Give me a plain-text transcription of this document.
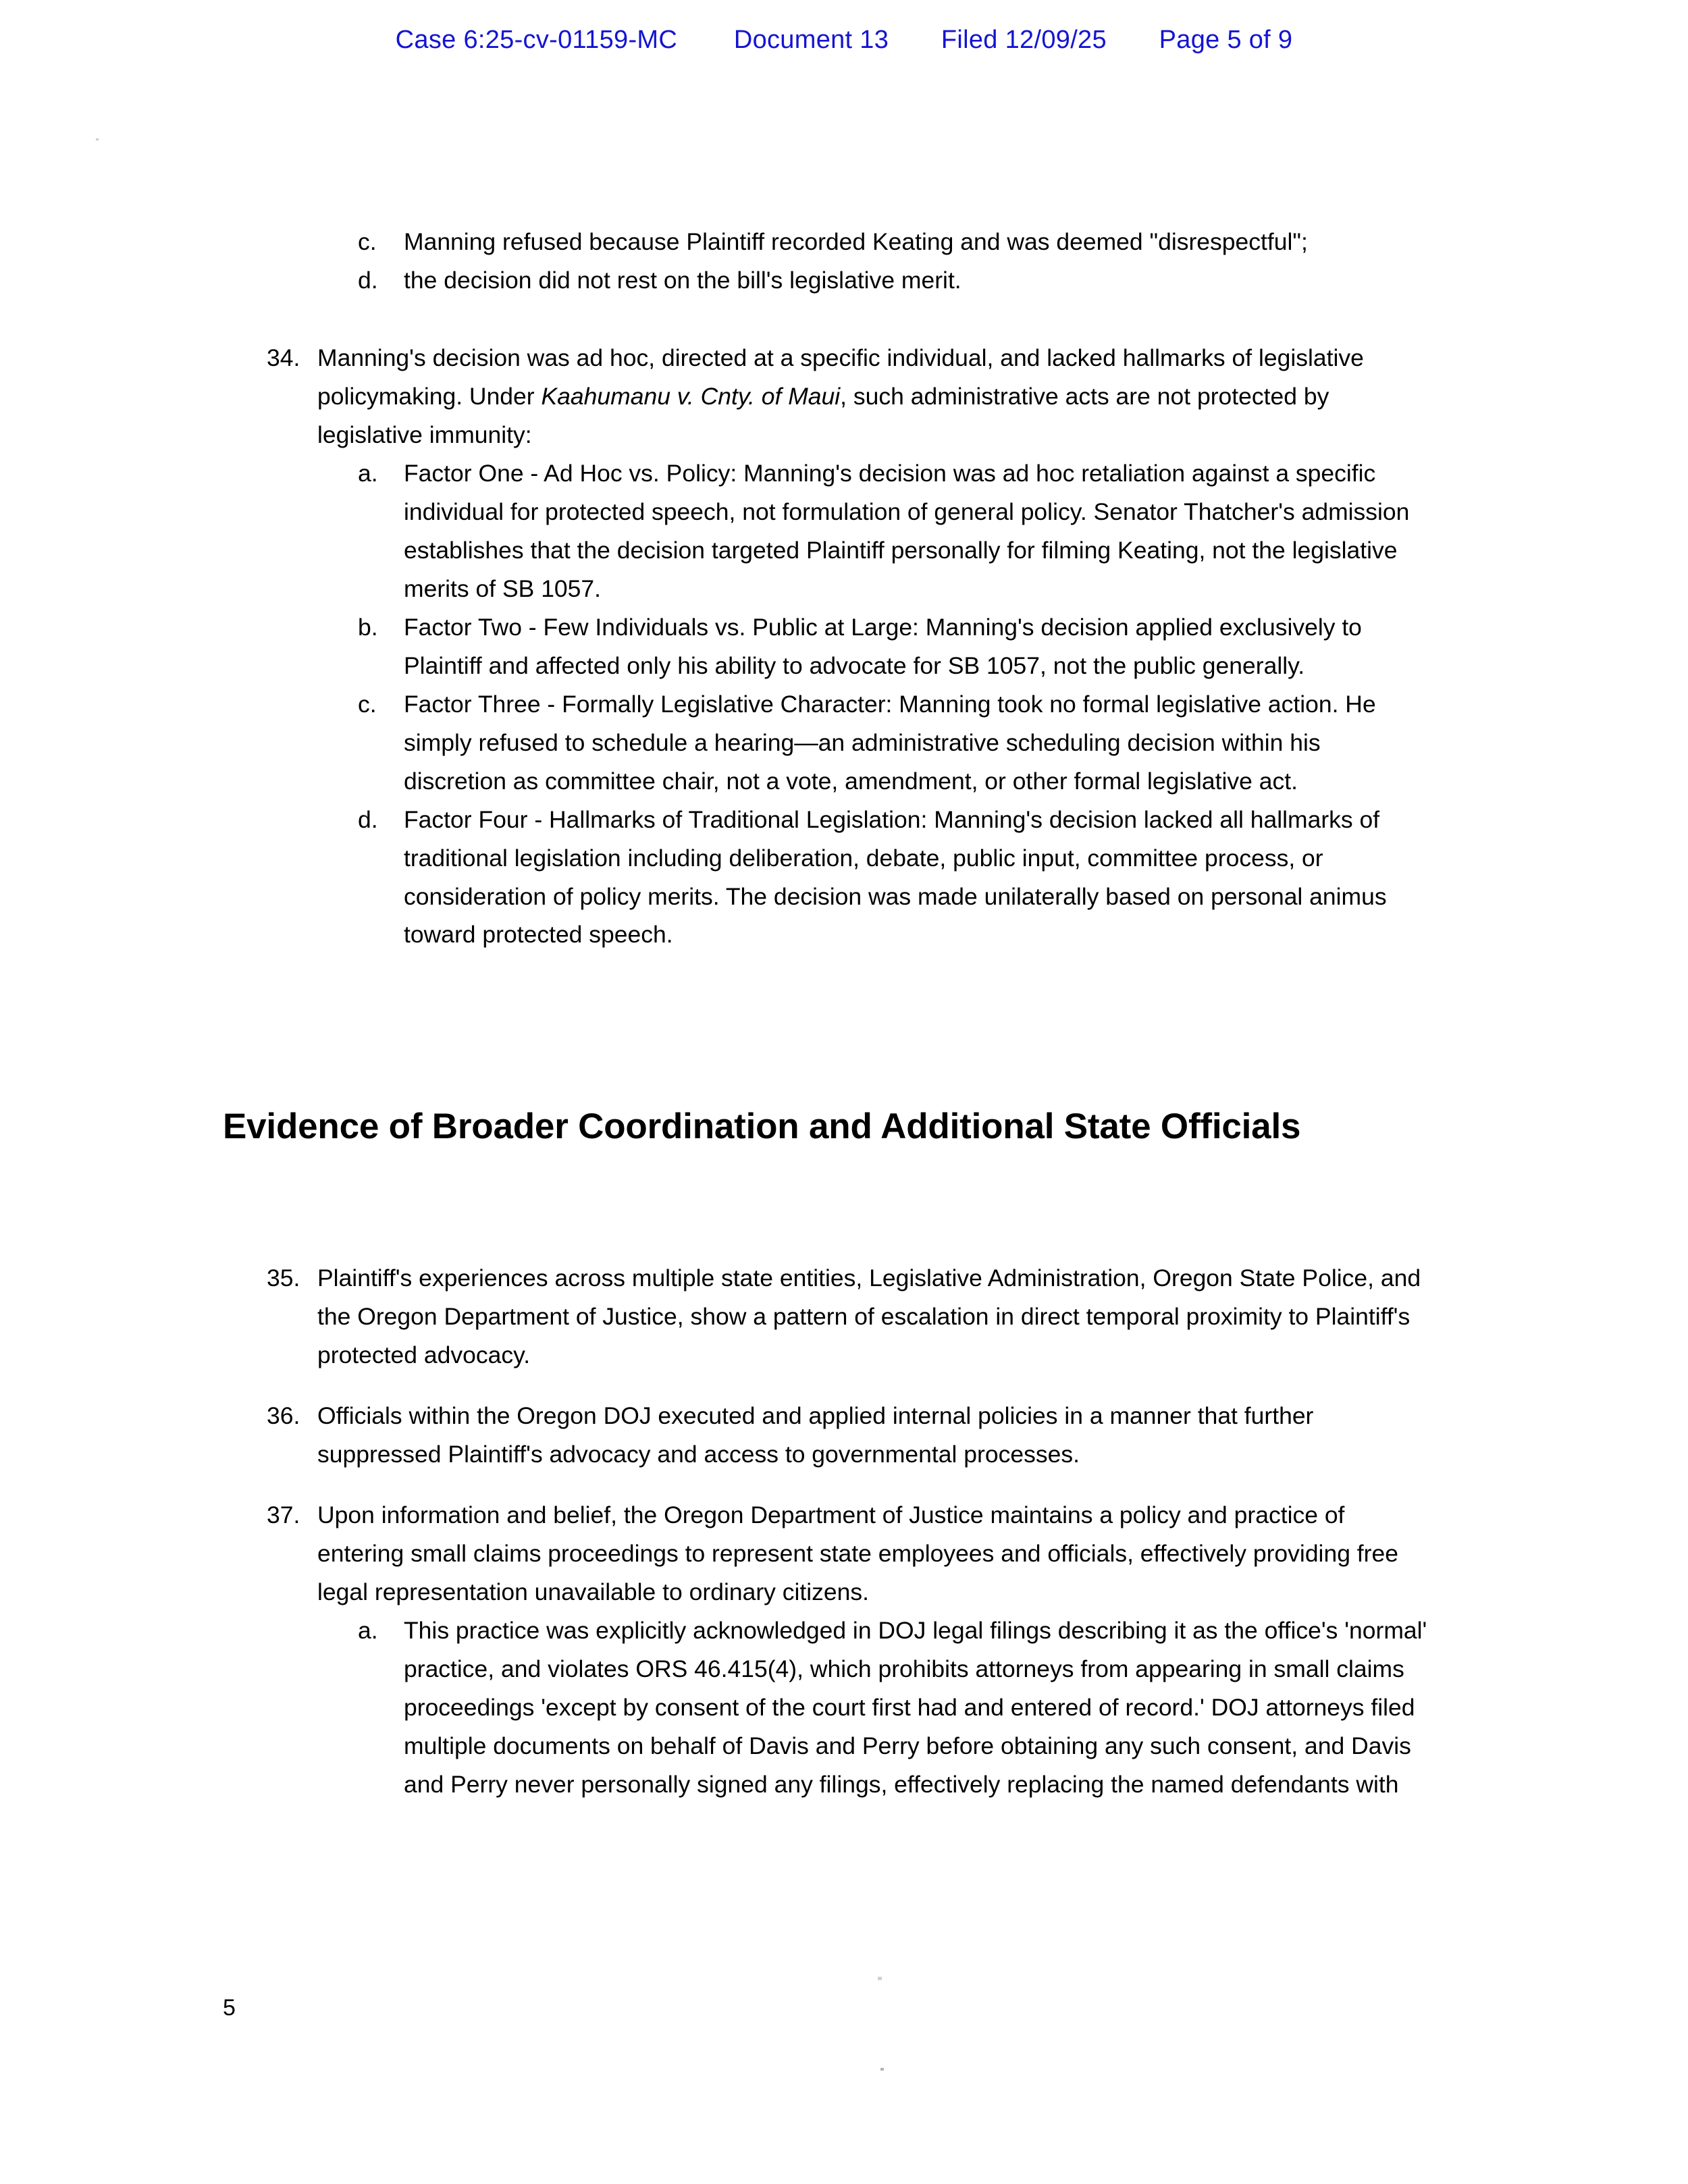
Case 6:25-cv-01159-MC Document 13 Filed 12/09/25 Page 5 of 9
c.	Manning refused because Plaintiff recorded Keating and was deemed "disrespectful";
d.	the decision did not rest on the bill's legislative merit.
34. Manning's decision was ad hoc, directed at a specific individual, and lacked hallmarks of legislative policymaking. Under Kaahumanu v. Cnty. of Maui, such administrative acts are not protected by legislative immunity:
a.	Factor One - Ad Hoc vs. Policy: Manning's decision was ad hoc retaliation against a specific individual for protected speech, not formulation of general policy. Senator Thatcher's admission establishes that the decision targeted Plaintiff personally for filming Keating, not the legislative merits of SB 1057.
b.	Factor Two - Few Individuals vs. Public at Large: Manning's decision applied exclusively to Plaintiff and affected only his ability to advocate for SB 1057, not the public generally.
c.	Factor Three - Formally Legislative Character: Manning took no formal legislative action. He simply refused to schedule a hearing—an administrative scheduling decision within his discretion as committee chair, not a vote, amendment, or other formal legislative act.
d.	Factor Four - Hallmarks of Traditional Legislation: Manning's decision lacked all hallmarks of traditional legislation including deliberation, debate, public input, committee process, or consideration of policy merits. The decision was made unilaterally based on personal animus toward protected speech.
Evidence of Broader Coordination and Additional State Officials
35. Plaintiff's experiences across multiple state entities, Legislative Administration, Oregon State Police, and the Oregon Department of Justice, show a pattern of escalation in direct temporal proximity to Plaintiff's protected advocacy.
36. Officials within the Oregon DOJ executed and applied internal policies in a manner that further suppressed Plaintiff's advocacy and access to governmental processes.
37. Upon information and belief, the Oregon Department of Justice maintains a policy and practice of entering small claims proceedings to represent state employees and officials, effectively providing free legal representation unavailable to ordinary citizens.
a.	This practice was explicitly acknowledged in DOJ legal filings describing it as the office's 'normal' practice, and violates ORS 46.415(4), which prohibits attorneys from appearing in small claims proceedings 'except by consent of the court first had and entered of record.' DOJ attorneys filed multiple documents on behalf of Davis and Perry before obtaining any such consent, and Davis and Perry never personally signed any filings, effectively replacing the named defendants with
5
